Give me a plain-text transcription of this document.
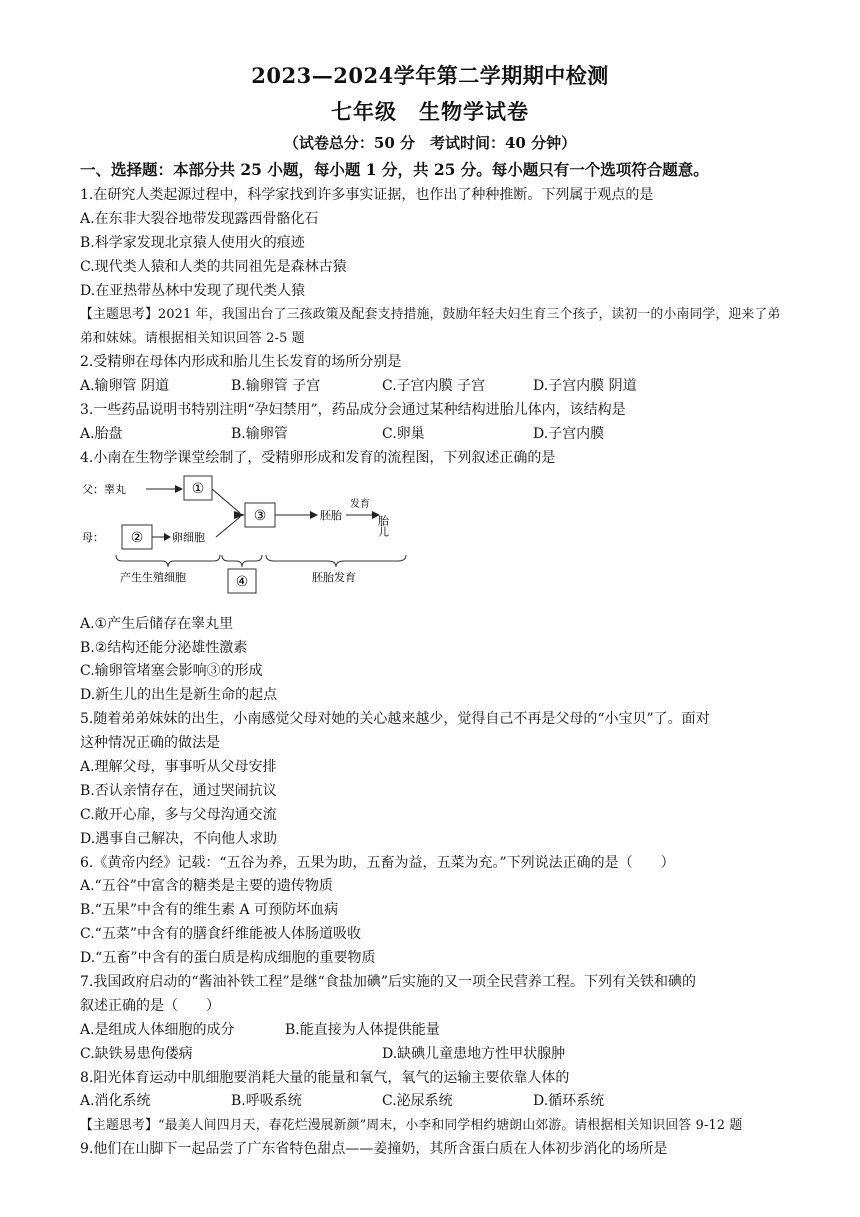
2023—2024学年第二学期期中检测
七年级　生物学试卷
（试卷总分：50 分　考试时间：40 分钟）
一、选择题：本部分共 25 小题，每小题 1 分，共 25 分。每小题只有一个选项符合题意。
1.在研究人类起源过程中，科学家找到许多事实证据，也作出了种种推断。下列属于观点的是
A.在东非大裂谷地带发现露西骨骼化石
B.科学家发现北京猿人使用火的痕迹
C.现代类人猿和人类的共同祖先是森林古猿
D.在亚热带丛林中发现了现代类人猿
【主题思考】2021 年，我国出台了三孩政策及配套支持措施，鼓励年轻夫妇生育三个孩子，读初一的小南同学，迎来了弟弟和妹妹。请根据相关知识回答 2-5 题
2.受精卵在母体内形成和胎儿生长发育的场所分别是
A.输卵管 阴道	B.输卵管 子宫	C.子宫内膜 子宫	D.子宫内膜 阴道
3.一些药品说明书特别注明“孕妇禁用”，药品成分会通过某种结构进胎儿体内，该结构是
A.胎盘	B.输卵管	C.卵巢	D.子宫内膜
4.小南在生物学课堂绘制了，受精卵形成和发育的流程图，下列叙述正确的是
父：睾丸
母：
①
②	卵细胞
③	胚胎
发育
胎儿
产生生殖细胞	④	胚胎发育
A.①产生后储存在睾丸里
B.②结构还能分泌雄性激素
C.输卵管堵塞会影响③的形成
D.新生儿的出生是新生命的起点
5.随着弟弟妹妹的出生，小南感觉父母对她的关心越来越少，觉得自己不再是父母的“小宝贝”了。面对
这种情况正确的做法是
A.理解父母，事事听从父母安排
B.否认亲情存在，通过哭闹抗议
C.敞开心扉，多与父母沟通交流
D.遇事自己解决，不向他人求助
6.《黄帝内经》记载：“五谷为养，五果为助，五畜为益，五菜为充。”下列说法正确的是（　　）
A.“五谷”中富含的糖类是主要的遗传物质
B.“五果”中含有的维生素 A 可预防坏血病
C.“五菜”中含有的膳食纤维能被人体肠道吸收
D.“五畜”中含有的蛋白质是构成细胞的重要物质
7.我国政府启动的“酱油补铁工程”是继“食盐加碘”后实施的又一项全民营养工程。下列有关铁和碘的
叙述正确的是（　　）
A.是组成人体细胞的成分	B.能直接为人体提供能量
C.缺铁易患佝偻病	D.缺碘儿童患地方性甲状腺肿
8.阳光体育运动中肌细胞要消耗大量的能量和氧气，氧气的运输主要依靠人体的
A.消化系统	B.呼吸系统	C.泌尿系统	D.循环系统
【主题思考】“最美人间四月天，春花烂漫展新颜”周末，小李和同学相约塘朗山郊游。请根据相关知识回答 9-12 题
9.他们在山脚下一起品尝了广东省特色甜点——姜撞奶，其所含蛋白质在人体初步消化的场所是
